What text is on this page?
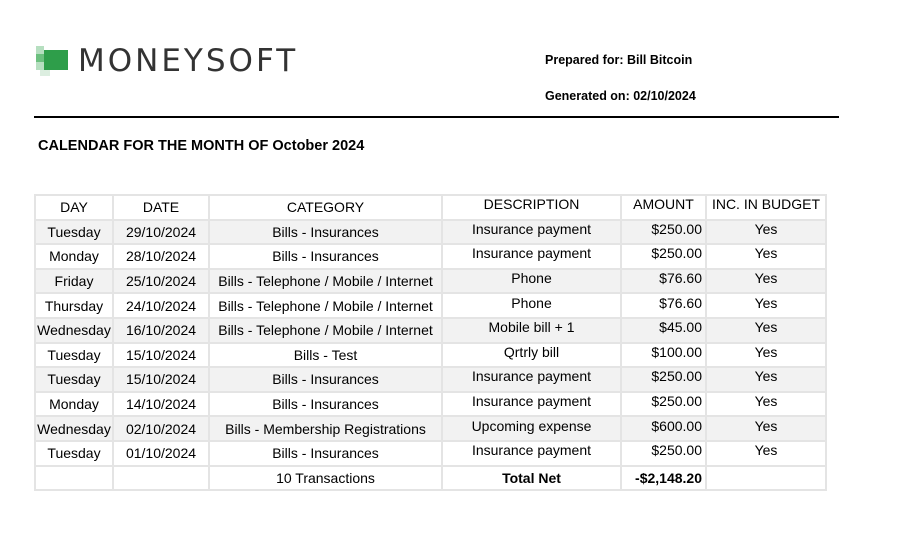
MONEYSOFT	Prepared for: Bill Bitcoin
Generated on: 02/10/2024
CALENDAR FOR THE MONTH OF October 2024
DAY	DATE	CATEGORY	DESCRIPTION	AMOUNT	INC. IN BUDGET
Tuesday	29/10/2024	Bills - Insurances	Insurance payment	$250.00	Yes
Monday	28/10/2024	Bills - Insurances	Insurance payment	$250.00	Yes
Friday	25/10/2024	Bills - Telephone / Mobile / Internet	Phone	$76.60	Yes
Thursday	24/10/2024	Bills - Telephone / Mobile / Internet	Phone	$76.60	Yes
Wednesday	16/10/2024	Bills - Telephone / Mobile / Internet	Mobile bill + 1	$45.00	Yes
Tuesday	15/10/2024	Bills - Test	Qrtrly bill	$100.00	Yes
Tuesday	15/10/2024	Bills - Insurances	Insurance payment	$250.00	Yes
Monday	14/10/2024	Bills - Insurances	Insurance payment	$250.00	Yes
Wednesday	02/10/2024	Bills - Membership Registrations	Upcoming expense	$600.00	Yes
Tuesday	01/10/2024	Bills - Insurances	Insurance payment	$250.00	Yes
		10 Transactions	Total Net	-$2,148.20	
